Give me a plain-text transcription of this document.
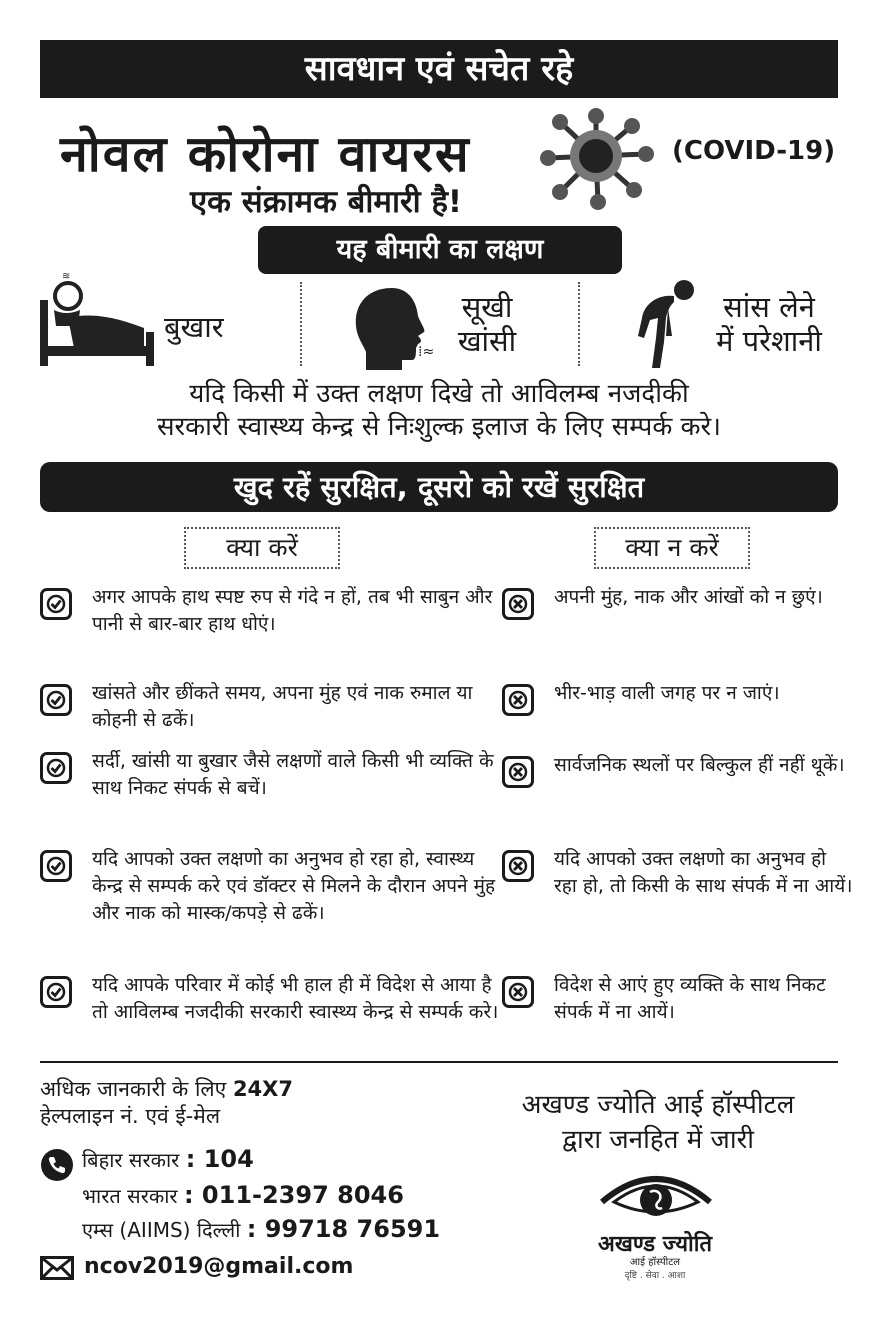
सावधान एवं सचेत रहे
नोवल कोरोना वायरस
एक संक्रामक बीमारी है!
(COVID-19)
यह बीमारी का लक्षण
≋
बुखार
⁞≈
सूखी
खांसी
सांस लेने
में परेशानी
यदि किसी में उक्त लक्षण दिखे तो आविलम्ब नजदीकी
सरकारी स्वास्थ्य केन्द्र से निःशुल्क इलाज के लिए सम्पर्क करे।
खुद रहें सुरक्षित, दूसरो को रखें सुरक्षित
क्या करें	क्या न करें
अगर आपके हाथ स्पष्ट रुप से गंदे न हों, तब भी साबुन और पानी से बार-बार हाथ धोएं।
खांसते और छींकते समय, अपना मुंह एवं नाक रुमाल या कोहनी से ढकें।
सर्दी, खांसी या बुखार जैसे लक्षणों वाले किसी भी व्यक्ति के साथ निकट संपर्क से बचें।
यदि आपको उक्त लक्षणो का अनुभव हो रहा हो, स्वास्थ्य केन्द्र से सम्पर्क करे एवं डॉक्टर से मिलने के दौरान अपने मुंह और नाक को मास्क/कपड़े से ढकें।
यदि आपके परिवार में कोई भी हाल ही में विदेश से आया है तो आविलम्ब नजदीकी सरकारी स्वास्थ्य केन्द्र से सम्पर्क करे।
अपनी मुंह, नाक और आंखों को न छुएं।
भीर-भाड़ वाली जगह पर न जाएं।
सार्वजनिक स्थलों पर बिल्कुल हीं नहीं थूकें।
यदि आपको उक्त लक्षणो का अनुभव हो रहा हो, तो किसी के साथ संपर्क में ना आयें।
विदेश से आएं हुए व्यक्ति के साथ निकट संपर्क में ना आयें।
अधिक जानकारी के लिए 24X7
हेल्पलाइन नं. एवं ई-मेल
बिहार सरकार : 104
भारत सरकार : 011-2397 8046
एम्स (AIIMS) दिल्ली : 99718 76591
ncov2019@gmail.com
अखण्ड ज्योति आई हॉस्पीटल
द्वारा जनहित में जारी
अखण्ड ज्योति
आई हॉस्पीटल
दृष्टि . सेवा . आशा
